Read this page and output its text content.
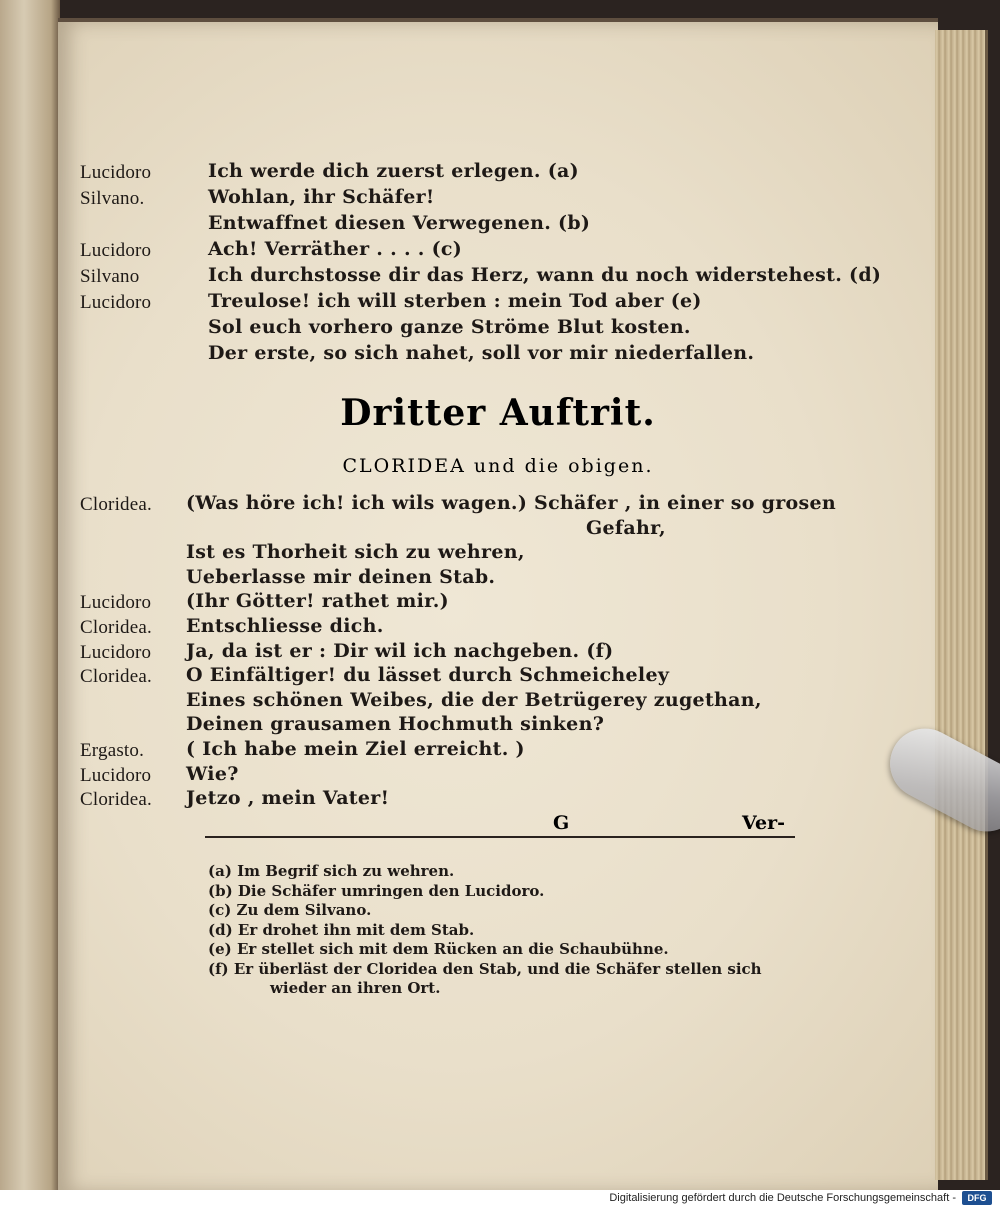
Lucidoro	Ich werde dich zuerst erlegen. (a)
Silvano.	Wohlan, ihr Schäfer!
Entwaffnet diesen Verwegenen. (b)
Lucidoro	Ach! Verräther . . . . (c)
Silvano	Ich durchstosse dir das Herz, wann du noch widerstehest. (d)
Lucidoro	Treulose! ich will sterben : mein Tod aber (e)
Sol euch vorhero ganze Ströme Blut kosten.
Der erste, so sich nahet, soll vor mir niederfallen.
Dritter Auftrit.
CLORIDEA und die obigen.
Cloridea. (Was höre ich! ich wils wagen.) Schäfer , in einer so grosen
Gefahr,
Ist es Thorheit sich zu wehren,
Ueberlasse mir deinen Stab.
Lucidoro (Ihr Götter! rathet mir.)
Cloridea. Entschliesse dich.
Lucidoro Ja, da ist er : Dir wil ich nachgeben. (f)
Cloridea. O Einfältiger! du lässet durch Schmeicheley
Eines schönen Weibes, die der Betrügerey zugethan,
Deinen grausamen Hochmuth sinken?
Ergasto. ( Ich habe mein Ziel erreicht. )
Lucidoro Wie?
Clorideа. Jetzo , mein Vater!
G	Ver-
(a) Im Begrif sich zu wehren.
(b) Die Schäfer umringen den Lucidoro.
(c) Zu dem Silvano.
(d) Er drohet ihn mit dem Stab.
(e) Er stellet sich mit dem Rücken an die Schaubühne.
(f) Er überläst der Cloridea den Stab, und die Schäfer stellen sich
wieder an ihren Ort.
Digitalisierung gefördert durch die Deutsche Forschungsgemeinschaft -	DFG
